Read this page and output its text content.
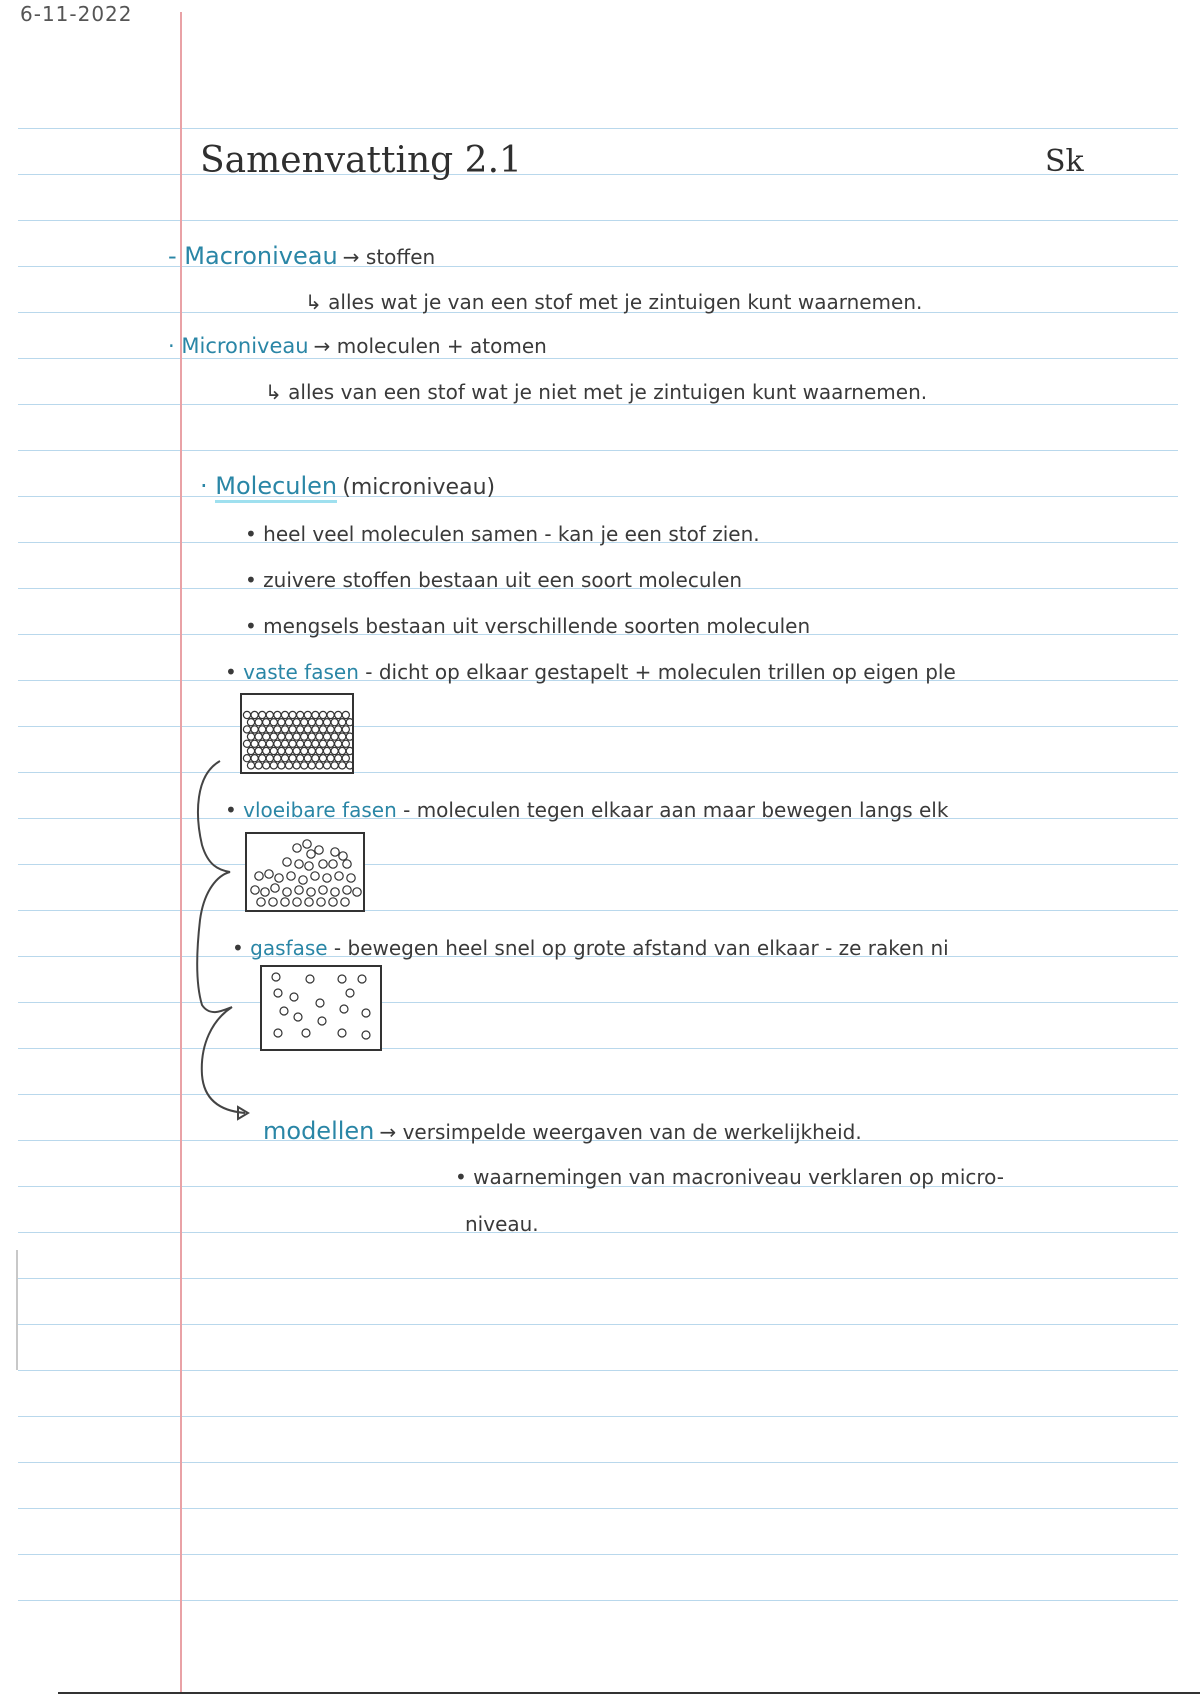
6-11-2022
Samenvatting 2.1	Sk
- Macroniveau → stoffen
↳ alles wat je van een stof met je zintuigen kunt waarnemen.
· Microniveau → moleculen + atomen
↳ alles van een stof wat je niet met je zintuigen kunt waarnemen.
· Moleculen (microniveau)
• heel veel moleculen samen - kan je een stof zien.
• zuivere stoffen bestaan uit een soort moleculen
• mengsels bestaan uit verschillende soorten moleculen
• vaste fasen - dicht op elkaar gestapelt + moleculen trillen op eigen ple
• vloeibare fasen - moleculen tegen elkaar aan maar bewegen langs elk
• gasfase - bewegen heel snel op grote afstand van elkaar - ze raken ni
modellen → versimpelde weergaven van de werkelijkheid.
• waarnemingen van macroniveau verklaren op micro-
niveau.
